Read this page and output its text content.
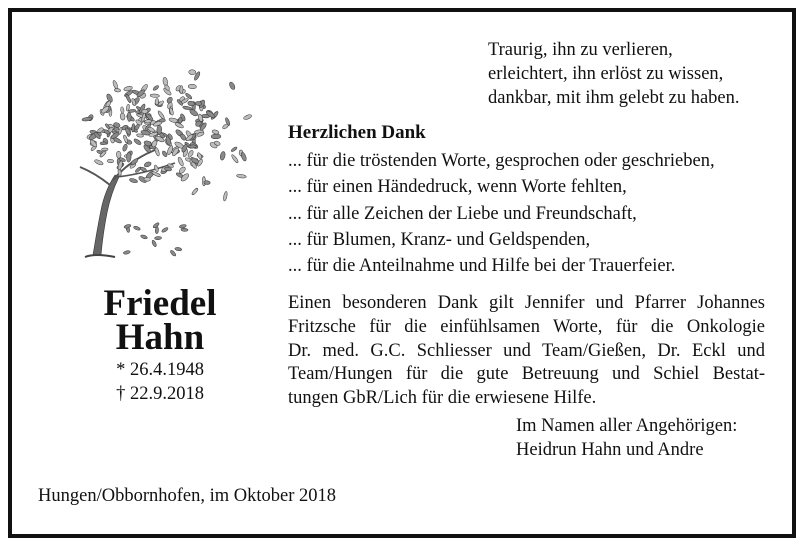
Traurig, ihn zu verlieren,
erleichtert, ihn erlöst zu wissen,
dankbar, mit ihm gelebt zu haben.
Herzlichen Dank
... für die tröstenden Worte, gesprochen oder geschrieben,
... für einen Händedruck, wenn Worte fehlten,
... für alle Zeichen der Liebe und Freundschaft,
... für Blumen, Kranz- und Geldspenden,
... für die Anteilnahme und Hilfe bei der Trauerfeier.
Einen besonderen Dank gilt Jennifer und Pfarrer Johannes
Fritzsche für die einfühlsamen Worte, für die Onkologie
Dr. med. G.C. Schliesser und Team/Gießen, Dr. Eckl und
Team/Hungen für die gute Betreuung und Schiel Bestat-
tungen GbR/Lich für die erwiesene Hilfe.
Im Namen aller Angehörigen:
Heidrun Hahn und Andre
Friedel
Hahn
* 26.4.1948
† 22.9.2018
Hungen/Obbornhofen, im Oktober 2018
